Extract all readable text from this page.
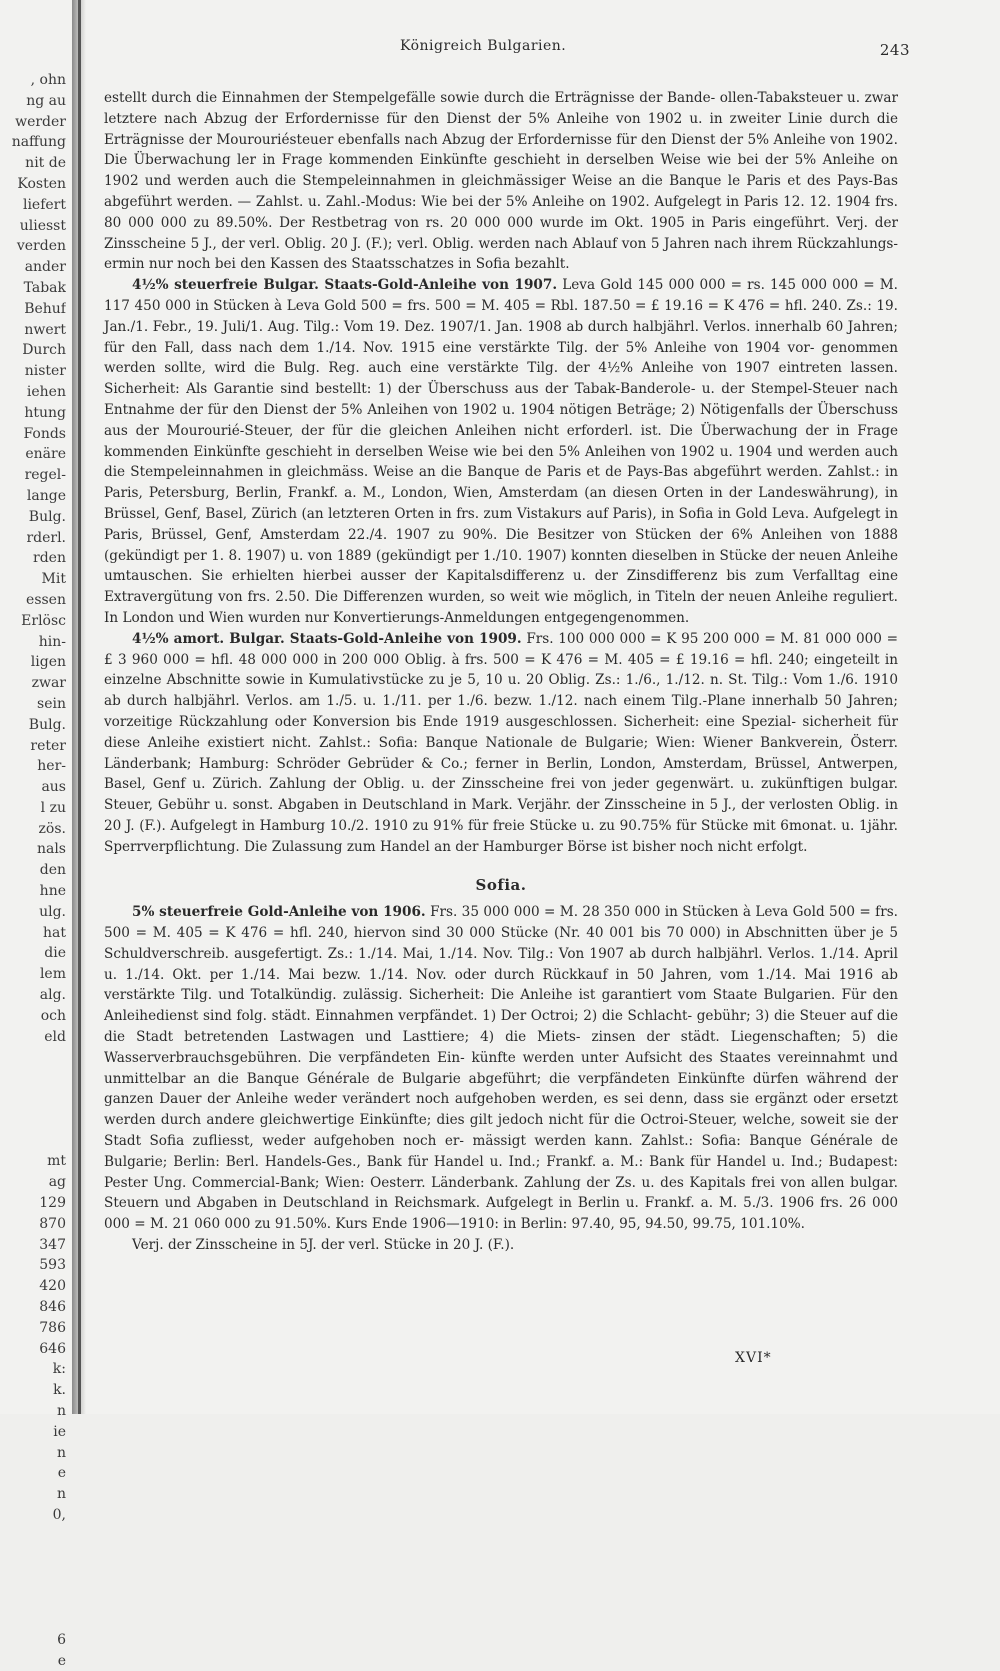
, ohn
ng au
werder
naffung
nit de
Kosten
liefert
uliesst
verden
ander
Tabak
Behuf
nwert
Durch
nister
iehen
htung
Fonds
enäre
regel-
lange
Bulg.
rderl.
rden
Mit
essen
Erlösc
hin-
ligen
zwar
sein
Bulg.
reter
her-
aus
l zu
zös.
nals
den
hne
ulg.
hat
die
lem
alg.
och
eld
mt
ag
129
870
347
593
420
846
786
646
k:
k.
n
ie
n
e
n
0,
6
e
Königreich Bulgarien.	243

estellt durch die Einnahmen der Stempelgefälle sowie durch die Erträgnisse der Bande- ollen-Tabaksteuer u. zwar letztere nach Abzug der Erfordernisse für den Dienst der 5% Anleihe von 1902 u. in zweiter Linie durch die Erträgnisse der Mourouriésteuer ebenfalls nach Abzug der Erfordernisse für den Dienst der 5% Anleihe von 1902. Die Überwachung ler in Frage kommenden Einkünfte geschieht in derselben Weise wie bei der 5% Anleihe on 1902 und werden auch die Stempeleinnahmen in gleichmässiger Weise an die Banque le Paris et des Pays-Bas abgeführt werden. — Zahlst. u. Zahl.-Modus: Wie bei der 5% Anleihe on 1902. Aufgelegt in Paris 12. 12. 1904 frs. 80 000 000 zu 89.50%. Der Restbetrag von rs. 20 000 000 wurde im Okt. 1905 in Paris eingeführt. Verj. der Zinsscheine 5 J., der verl. Oblig. 20 J. (F.); verl. Oblig. werden nach Ablauf von 5 Jahren nach ihrem Rückzahlungs- ermin nur noch bei den Kassen des Staatsschatzes in Sofia bezahlt.

4½% steuerfreie Bulgar. Staats-Gold-Anleihe von 1907. Leva Gold 145 000 000 = rs. 145 000 000 = M. 117 450 000 in Stücken à Leva Gold 500 = frs. 500 = M. 405 = Rbl. 187.50 = £ 19.16 = K 476 = hfl. 240. Zs.: 19. Jan./1. Febr., 19. Juli/1. Aug. Tilg.: Vom 19. Dez. 1907/1. Jan. 1908 ab durch halbjährl. Verlos. innerhalb 60 Jahren; für den Fall, dass nach dem 1./14. Nov. 1915 eine verstärkte Tilg. der 5% Anleihe von 1904 vor- genommen werden sollte, wird die Bulg. Reg. auch eine verstärkte Tilg. der 4½% Anleihe von 1907 eintreten lassen. Sicherheit: Als Garantie sind bestellt: 1) der Überschuss aus der Tabak-Banderole- u. der Stempel-Steuer nach Entnahme der für den Dienst der 5% Anleihen von 1902 u. 1904 nötigen Beträge; 2) Nötigenfalls der Überschuss aus der Mourourié-Steuer, der für die gleichen Anleihen nicht erforderl. ist. Die Überwachung der in Frage kommenden Einkünfte geschieht in derselben Weise wie bei den 5% Anleihen von 1902 u. 1904 und werden auch die Stempeleinnahmen in gleichmäss. Weise an die Banque de Paris et de Pays-Bas abgeführt werden. Zahlst.: in Paris, Petersburg, Berlin, Frankf. a. M., London, Wien, Amsterdam (an diesen Orten in der Landeswährung), in Brüssel, Genf, Basel, Zürich (an letzteren Orten in frs. zum Vistakurs auf Paris), in Sofia in Gold Leva. Aufgelegt in Paris, Brüssel, Genf, Amsterdam 22./4. 1907 zu 90%. Die Besitzer von Stücken der 6% Anleihen von 1888 (gekündigt per 1. 8. 1907) u. von 1889 (gekündigt per 1./10. 1907) konnten dieselben in Stücke der neuen Anleihe umtauschen. Sie erhielten hierbei ausser der Kapitalsdifferenz u. der Zinsdifferenz bis zum Verfalltag eine Extravergütung von frs. 2.50. Die Differenzen wurden, so weit wie möglich, in Titeln der neuen Anleihe reguliert. In London und Wien wurden nur Konvertierungs-Anmeldungen entgegengenommen.

4½% amort. Bulgar. Staats-Gold-Anleihe von 1909. Frs. 100 000 000 = K 95 200 000 = M. 81 000 000 = £ 3 960 000 = hfl. 48 000 000 in 200 000 Oblig. à frs. 500 = K 476 = M. 405 = £ 19.16 = hfl. 240; eingeteilt in einzelne Abschnitte sowie in Kumulativstücke zu je 5, 10 u. 20 Oblig. Zs.: 1./6., 1./12. n. St. Tilg.: Vom 1./6. 1910 ab durch halbjährl. Verlos. am 1./5. u. 1./11. per 1./6. bezw. 1./12. nach einem Tilg.-Plane innerhalb 50 Jahren; vorzeitige Rückzahlung oder Konversion bis Ende 1919 ausgeschlossen. Sicherheit: eine Spezial- sicherheit für diese Anleihe existiert nicht. Zahlst.: Sofia: Banque Nationale de Bulgarie; Wien: Wiener Bankverein, Österr. Länderbank; Hamburg: Schröder Gebrüder & Co.; ferner in Berlin, London, Amsterdam, Brüssel, Antwerpen, Basel, Genf u. Zürich. Zahlung der Oblig. u. der Zinsscheine frei von jeder gegenwärt. u. zukünftigen bulgar. Steuer, Gebühr u. sonst. Abgaben in Deutschland in Mark. Verjähr. der Zinsscheine in 5 J., der verlosten Oblig. in 20 J. (F.). Aufgelegt in Hamburg 10./2. 1910 zu 91% für freie Stücke u. zu 90.75% für Stücke mit 6monat. u. 1jähr. Sperrverpflichtung. Die Zulassung zum Handel an der Hamburger Börse ist bisher noch nicht erfolgt.

Sofia.

5% steuerfreie Gold-Anleihe von 1906. Frs. 35 000 000 = M. 28 350 000 in Stücken à Leva Gold 500 = frs. 500 = M. 405 = K 476 = hfl. 240, hiervon sind 30 000 Stücke (Nr. 40 001 bis 70 000) in Abschnitten über je 5 Schuldverschreib. ausgefertigt. Zs.: 1./14. Mai, 1./14. Nov. Tilg.: Von 1907 ab durch halbjährl. Verlos. 1./14. April u. 1./14. Okt. per 1./14. Mai bezw. 1./14. Nov. oder durch Rückkauf in 50 Jahren, vom 1./14. Mai 1916 ab verstärkte Tilg. und Totalkündig. zulässig. Sicherheit: Die Anleihe ist garantiert vom Staate Bulgarien. Für den Anleihedienst sind folg. städt. Einnahmen verpfändet. 1) Der Octroi; 2) die Schlacht- gebühr; 3) die Steuer auf die die Stadt betretenden Lastwagen und Lasttiere; 4) die Miets- zinsen der städt. Liegenschaften; 5) die Wasserverbrauchsgebühren. Die verpfändeten Ein- künfte werden unter Aufsicht des Staates vereinnahmt und unmittelbar an die Banque Générale de Bulgarie abgeführt; die verpfändeten Einkünfte dürfen während der ganzen Dauer der Anleihe weder verändert noch aufgehoben werden, es sei denn, dass sie ergänzt oder ersetzt werden durch andere gleichwertige Einkünfte; dies gilt jedoch nicht für die Octroi-Steuer, welche, soweit sie der Stadt Sofia zufliesst, weder aufgehoben noch er- mässigt werden kann. Zahlst.: Sofia: Banque Générale de Bulgarie; Berlin: Berl. Handels-Ges., Bank für Handel u. Ind.; Frankf. a. M.: Bank für Handel u. Ind.; Budapest: Pester Ung. Commercial-Bank; Wien: Oesterr. Länderbank. Zahlung der Zs. u. des Kapitals frei von allen bulgar. Steuern und Abgaben in Deutschland in Reichsmark. Aufgelegt in Berlin u. Frankf. a. M. 5./3. 1906 frs. 26 000 000 = M. 21 060 000 zu 91.50%. Kurs Ende 1906—1910: in Berlin: 97.40, 95, 94.50, 99.75, 101.10%.

Verj. der Zinsscheine in 5J. der verl. Stücke in 20 J. (F.).

XVI*
